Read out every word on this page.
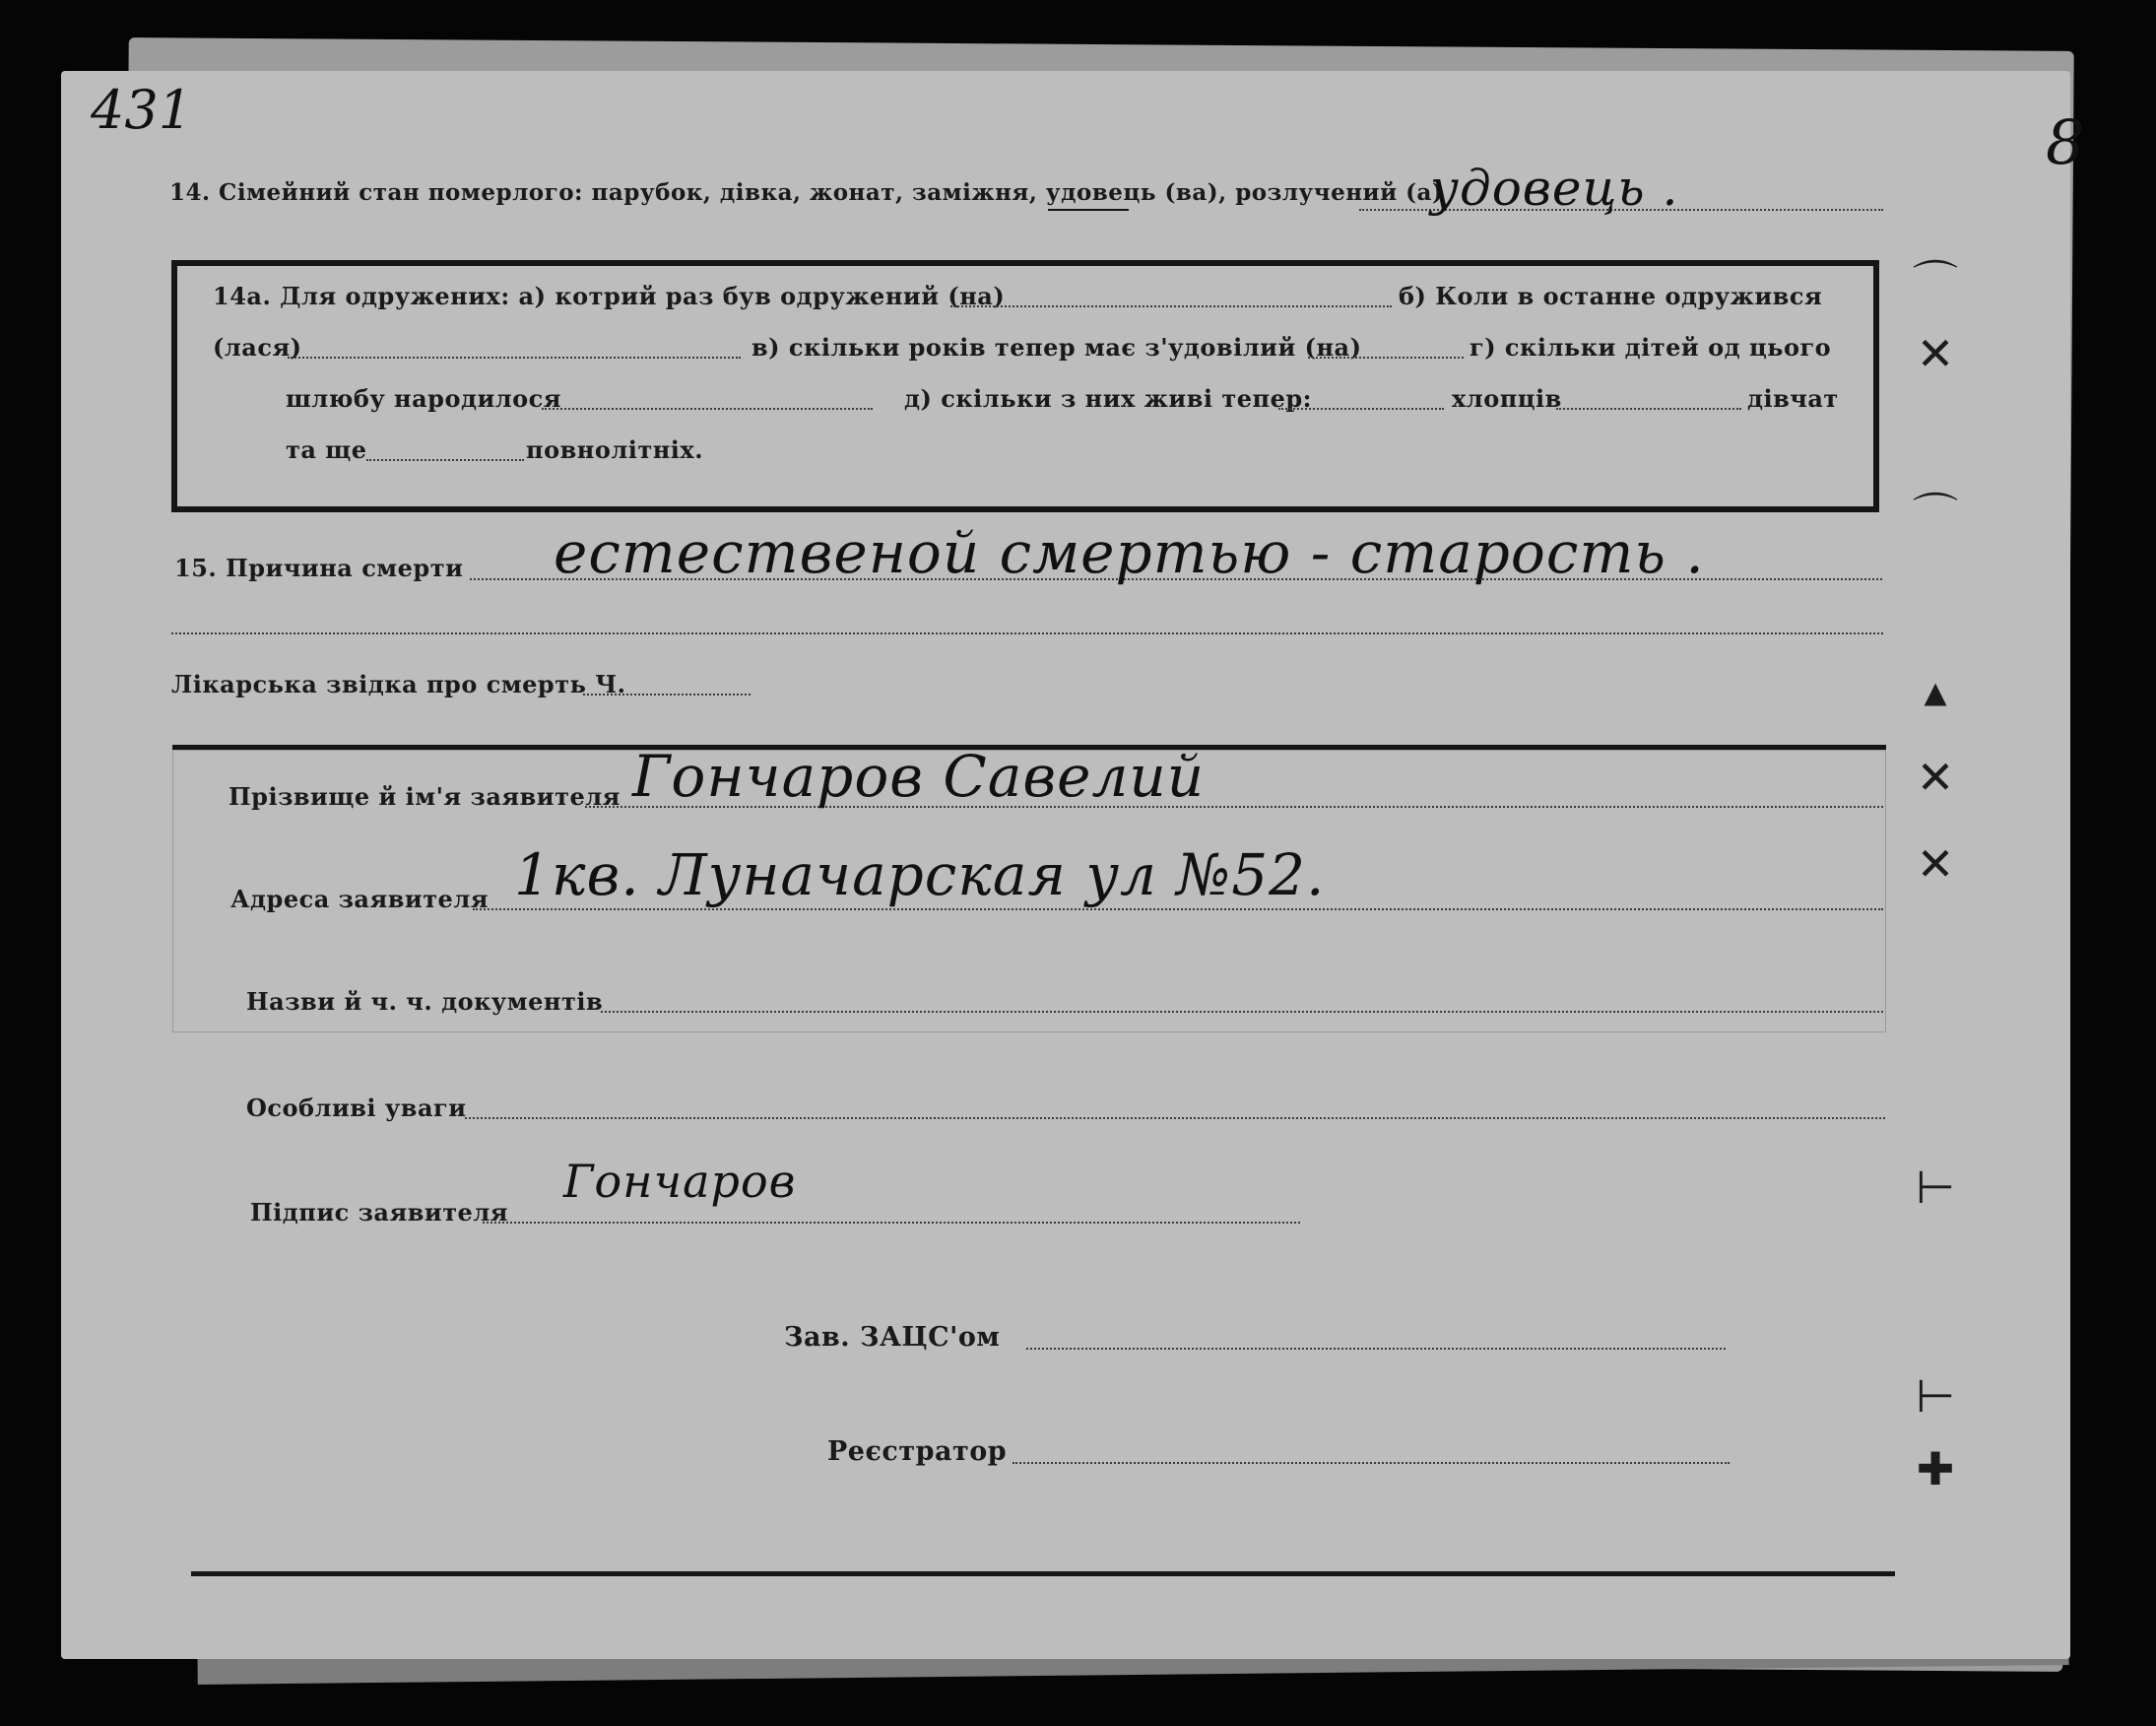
431	8
14. Сімейний стан померлого: парубок, дівка, жонат, заміжня, удовець (ва), розлучений (а)
удовець .
14а. Для одружених: а) котрий раз був одружений (на)	б) Коли в останне одружився
(лася)	в) скільки років тепер має з'удовілий (на)	г) скільки дітей од цього
шлюбу народилося	д) скільки з них живі тепер:	хлопців	дівчат
та ще	повнолітніх.
15. Причина смерти естественой смертью - старость .
Лікарська звідка про смерть Ч.
Прізвище й ім'я заявителя Гончаров Савелий
Адреса заявителя 1кв. Луначарская ул №52.
Назви й ч. ч. документів
Особливі уваги
Підпис заявителя
Гончаров
Зав. ЗАЦС'ом
Реєстратор
⌒
✕
⌒
▴
✕
✕
⊢
⊢
✚
